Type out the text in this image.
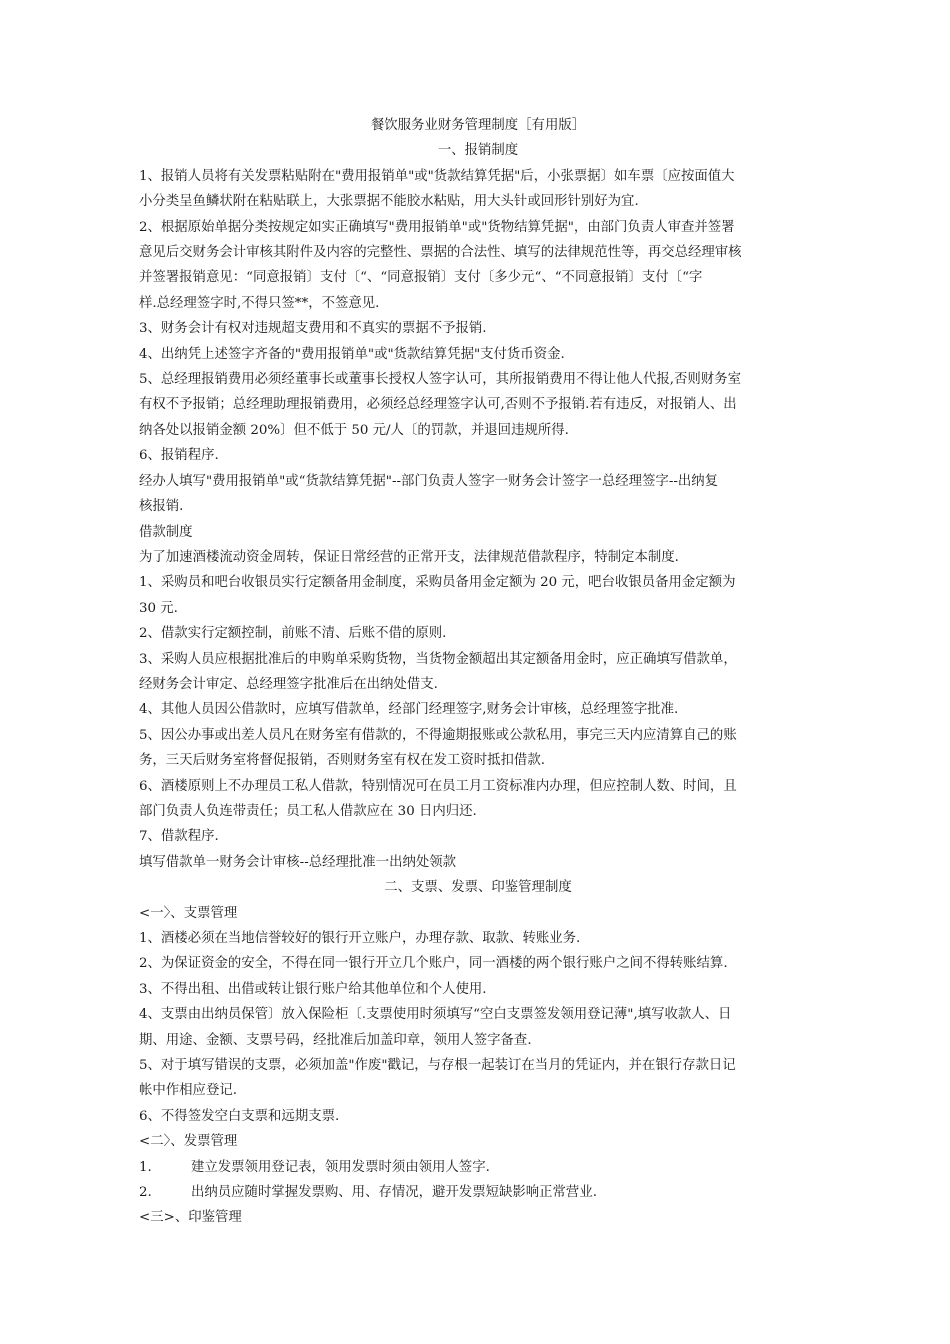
餐饮服务业财务管理制度［有用版］

一、报销制度

1、报销人员将有关发票粘贴附在"费用报销单"或"货款结算凭据"后，小张票据〕如车票〔应按面值大

小分类呈鱼鳞状附在粘贴联上，大张票据不能胶水粘贴，用大头针或回形针别好为宜.

2、根据原始单据分类按规定如实正确填写"费用报销单"或"货物结算凭据"，由部门负责人审查并签署

意见后交财务会计审核其附件及内容的完整性、票据的合法性、填写的法律规范性等，再交总经理审核

并签署报销意见：“同意报销〕支付〔“、“同意报销〕支付〔多少元“、“不同意报销〕支付〔“字

样.总经理签字时,不得只签**，不签意见.

3、财务会计有权对违规超支费用和不真实的票据不予报销.

4、出纳凭上述签字齐备的"费用报销单"或"货款结算凭据"支付货币资金.

5、总经理报销费用必须经董事长或董事长授权人签字认可，其所报销费用不得让他人代报,否则财务室

有权不予报销；总经理助理报销费用，必须经总经理签字认可,否则不予报销.若有违反，对报销人、出

纳各处以报销金额 20%〕但不低于 50 元/人〔的罚款，并退回违规所得.

6、报销程序.

经办人填写"费用报销单"或“货款结算凭据"--部门负责人签字一财务会计签字一总经理签字--出纳复

核报销.

借款制度

为了加速酒楼流动资金周转，保证日常经营的正常开支，法律规范借款程序，特制定本制度.

1、采购员和吧台收银员实行定额备用金制度，采购员备用金定额为 20 元，吧台收银员备用金定额为

30 元.

2、借款实行定额控制，前账不清、后账不借的原则.

3、采购人员应根据批准后的申购单采购货物，当货物金额超出其定额备用金时，应正确填写借款单，

经财务会计审定、总经理签字批准后在出纳处借支.

4、其他人员因公借款时，应填写借款单，经部门经理签字,财务会计审核，总经理签字批准.

5、因公办事或出差人员凡在财务室有借款的，不得逾期报账或公款私用，事完三天内应清算自己的账

务，三天后财务室将督促报销，否则财务室有权在发工资时抵扣借款.

6、酒楼原则上不办理员工私人借款，特别情况可在员工月工资标准内办理，但应控制人数、时间，且

部门负责人负连带责任；员工私人借款应在 30 日内归还.

7、借款程序.

填写借款单一财务会计审核--总经理批准一出纳处领款

二、支票、发票、印鉴管理制度

<一〉、支票管理

1、酒楼必须在当地信誉较好的银行开立账户，办理存款、取款、转账业务.

2、为保证资金的安全，不得在同一银行开立几个账户，同一酒楼的两个银行账户之间不得转账结算.

3、不得出租、出借或转让银行账户给其他单位和个人使用.

4、支票由出纳员保管〕放入保险柜〔.支票使用时须填写“空白支票签发领用登记薄",填写收款人、日

期、用途、金额、支票号码，经批准后加盖印章，领用人签字备查.

5、对于填写错误的支票，必须加盖"作废"戳记，与存根一起装订在当月的凭证内，并在银行存款日记

帐中作相应登记.

6、不得签发空白支票和远期支票.

<二〉、发票管理

1.	建立发票领用登记表，领用发票时须由领用人签字.

2.	出纳员应随时掌握发票购、用、存情况，避开发票短缺影响正常营业.

<三>、印鉴管理
